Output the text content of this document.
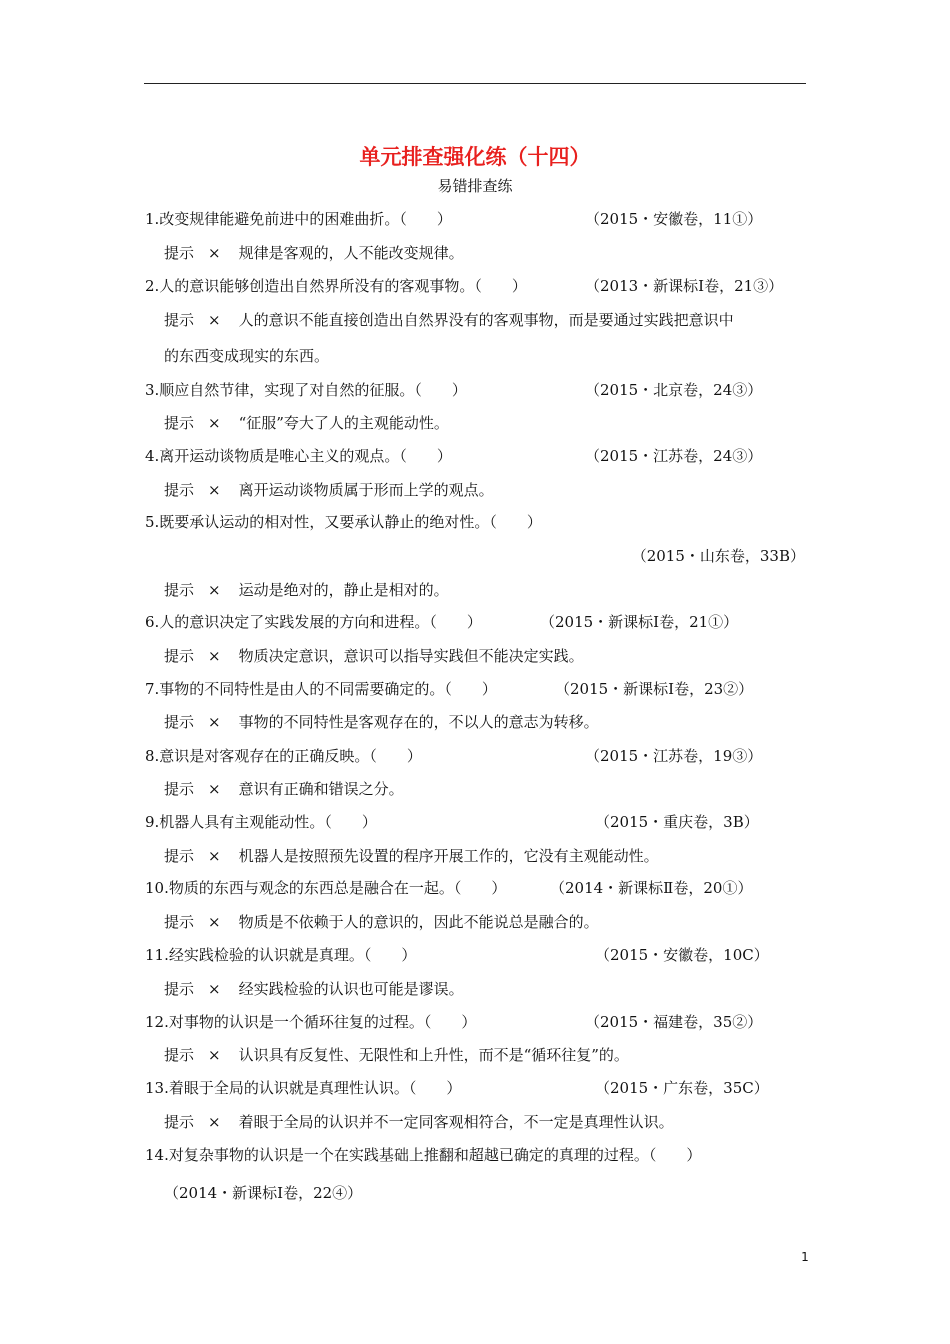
单元排查强化练（十四）
易错排查练
1.改变规律能避免前进中的困难曲折。（　　）	（2015・安徽卷，11①）
提示 × 规律是客观的，人不能改变规律。
2.人的意识能够创造出自然界所没有的客观事物。（　　）	（2013・新课标Ⅰ卷，21③）
提示 × 人的意识不能直接创造出自然界没有的客观事物，而是要通过实践把意识中
的东西变成现实的东西。
3.顺应自然节律，实现了对自然的征服。（　　）	（2015・北京卷，24③）
提示 × “征服”夸大了人的主观能动性。
4.离开运动谈物质是唯心主义的观点。（　　）	（2015・江苏卷，24③）
提示 × 离开运动谈物质属于形而上学的观点。
5.既要承认运动的相对性，又要承认静止的绝对性。（　　）
（2015・山东卷，33B）
提示 × 运动是绝对的，静止是相对的。
6.人的意识决定了实践发展的方向和进程。（　　）	（2015・新课标Ⅰ卷，21①）
提示 × 物质决定意识，意识可以指导实践但不能决定实践。
7.事物的不同特性是由人的不同需要确定的。（　　）	（2015・新课标Ⅰ卷，23②）
提示 × 事物的不同特性是客观存在的，不以人的意志为转移。
8.意识是对客观存在的正确反映。（　　）	（2015・江苏卷，19③）
提示 × 意识有正确和错误之分。
9.机器人具有主观能动性。（　　）	（2015・重庆卷，3B）
提示 × 机器人是按照预先设置的程序开展工作的，它没有主观能动性。
10.物质的东西与观念的东西总是融合在一起。（　　）	（2014・新课标Ⅱ卷，20①）
提示 × 物质是不依赖于人的意识的，因此不能说总是融合的。
11.经实践检验的认识就是真理。（　　）	（2015・安徽卷，10C）
提示 × 经实践检验的认识也可能是谬误。
12.对事物的认识是一个循环往复的过程。（　　）	（2015・福建卷，35②）
提示 × 认识具有反复性、无限性和上升性，而不是“循环往复”的。
13.着眼于全局的认识就是真理性认识。（　　）	（2015・广东卷，35C）
提示 × 着眼于全局的认识并不一定同客观相符合，不一定是真理性认识。
14.对复杂事物的认识是一个在实践基础上推翻和超越已确定的真理的过程。（　　）
（2014・新课标Ⅰ卷，22④）
1
